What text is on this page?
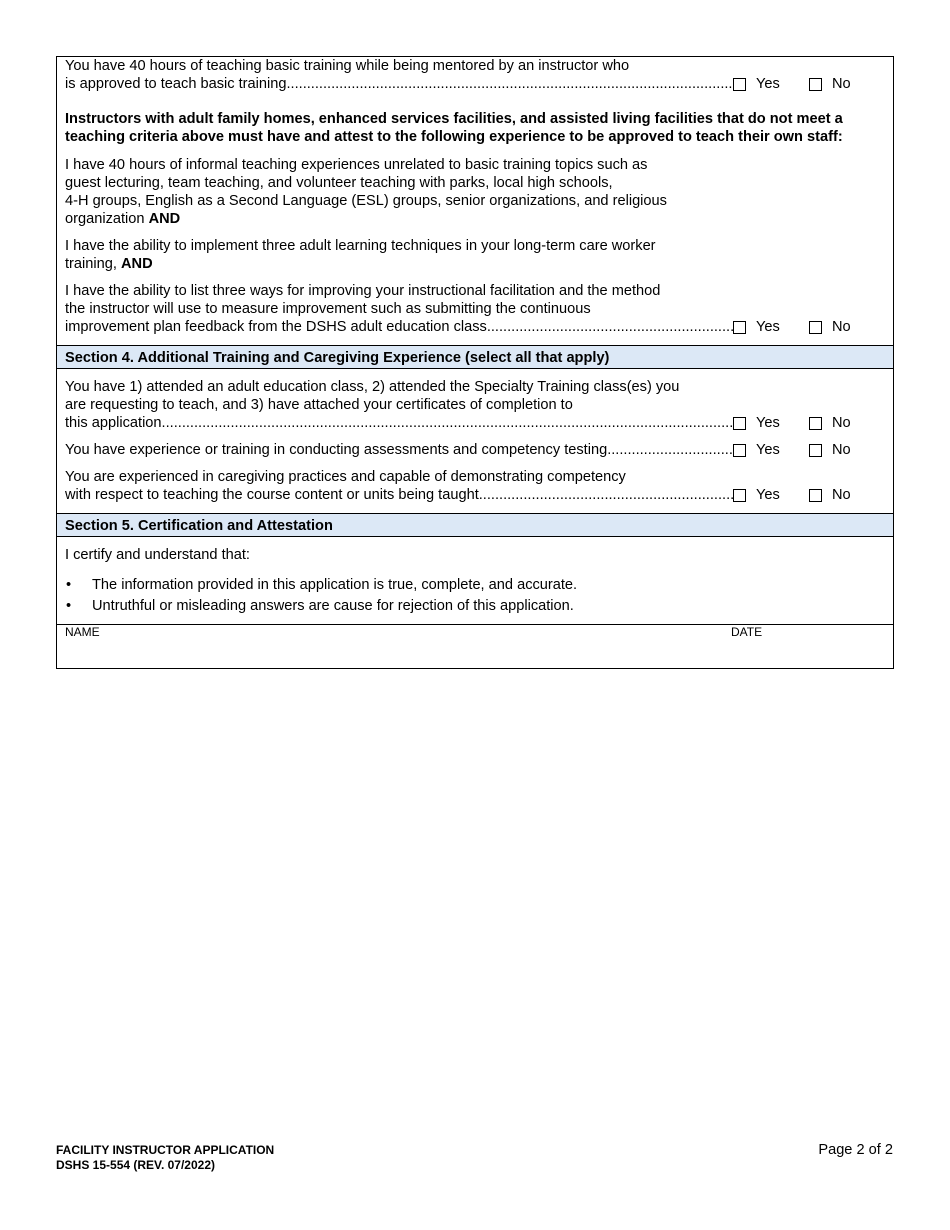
You have 40 hours of teaching basic training while being mentored by an instructor who
is approved to teach basic training. .....	Yes	No
Instructors with adult family homes, enhanced services facilities, and assisted living facilities that do not meet a teaching criteria above must have and attest to the following experience to be approved to teach their own staff:
I have 40 hours of informal teaching experiences unrelated to basic training topics such as
guest lecturing, team teaching, and volunteer teaching with parks, local high schools,
4-H groups, English as a Second Language (ESL) groups, senior organizations, and religious
organization AND
I have the ability to implement three adult learning techniques in your long-term care worker
training, AND
I have the ability to list three ways for improving your instructional facilitation and the method
the instructor will use to measure improvement such as submitting the continuous
improvement plan feedback from the DSHS adult education class. .....	Yes	No
Section 4. Additional Training and Caregiving Experience (select all that apply)
You have 1) attended an adult education class, 2) attended the Specialty Training class(es) you
are requesting to teach, and 3) have attached your certificates of completion to
this application. .....	Yes	No
You have experience or training in conducting assessments and competency testing. .....	Yes	No
You are experienced in caregiving practices and capable of demonstrating competency
with respect to teaching the course content or units being taught .....	Yes	No
Section 5. Certification and Attestation
I certify and understand that:
•	The information provided in this application is true, complete, and accurate.
•	Untruthful or misleading answers are cause for rejection of this application.
NAME	DATE
FACILITY INSTRUCTOR APPLICATION
DSHS 15-554 (REV. 07/2022)
Page 2 of 2
